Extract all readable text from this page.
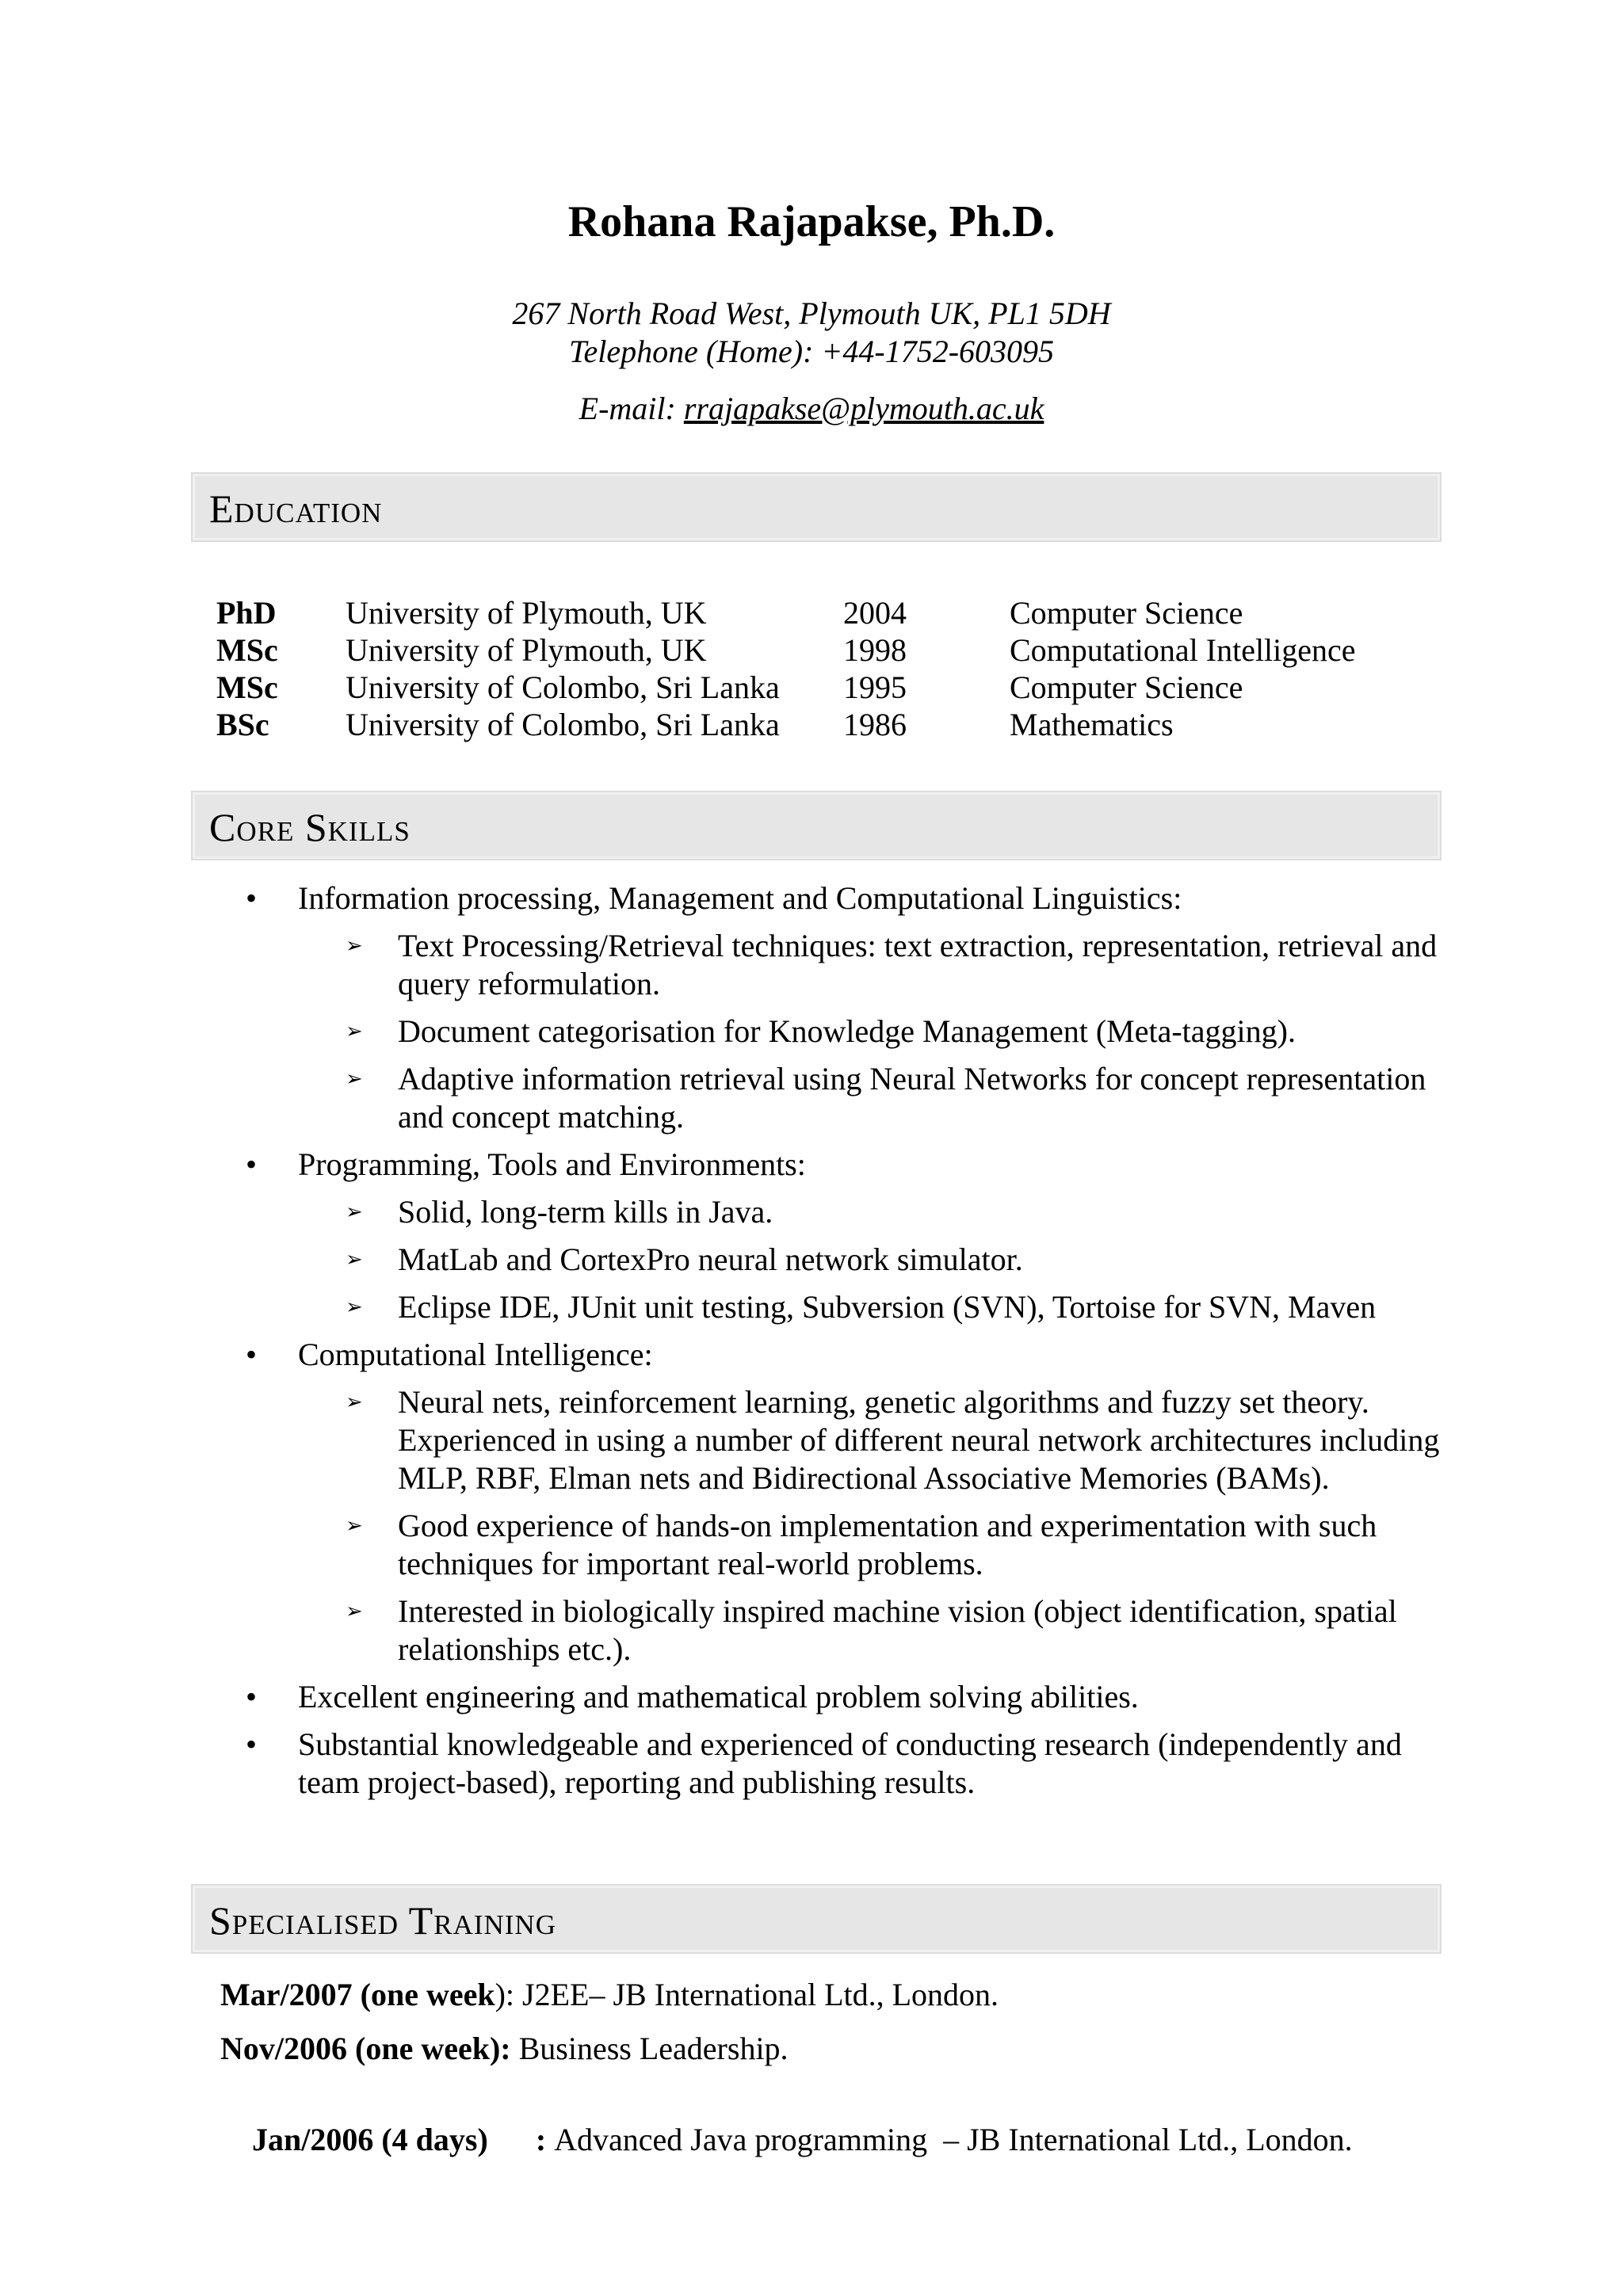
Rohana Rajapakse, Ph.D.

267 North Road West, Plymouth UK, PL1 5DH

Telephone (Home): +44-1752-603095

E-mail: rrajapakse@plymouth.ac.uk

Education
PhD	University of Plymouth, UK	2004	Computer Science
MSc	University of Plymouth, UK	1998	Computational Intelligence
MSc	University of Colombo, Sri Lanka	1995	Computer Science
BSc	University of Colombo, Sri Lanka	1986	Mathematics
Core Skills
• Information processing, Management and Computational Linguistics:
➢ Text Processing/Retrieval techniques: text extraction, representation, retrieval and query reformulation.
➢ Document categorisation for Knowledge Management (Meta-tagging).
➢ Adaptive information retrieval using Neural Networks for concept representation and concept matching.
• Programming, Tools and Environments:
➢ Solid, long-term kills in Java.
➢ MatLab and CortexPro neural network simulator.
➢ Eclipse IDE, JUnit unit testing, Subversion (SVN), Tortoise for SVN, Maven
• Computational Intelligence:
➢ Neural nets, reinforcement learning, genetic algorithms and fuzzy set theory. Experienced in using a number of different neural network architectures including MLP, RBF, Elman nets and Bidirectional Associative Memories (BAMs).
➢ Good experience of hands-on implementation and experimentation with such techniques for important real-world problems.
➢ Interested in biologically inspired machine vision (object identification, spatial relationships etc.).
• Excellent engineering and mathematical problem solving abilities.
• Substantial knowledgeable and experienced of conducting research (independently and team project-based), reporting and publishing results.
Specialised Training
Mar/2007 (one week): J2EE– JB International Ltd., London.
Nov/2006 (one week): Business Leadership.

Jan/2006 (4 days)      : Advanced Java programming  – JB International Ltd., London.
